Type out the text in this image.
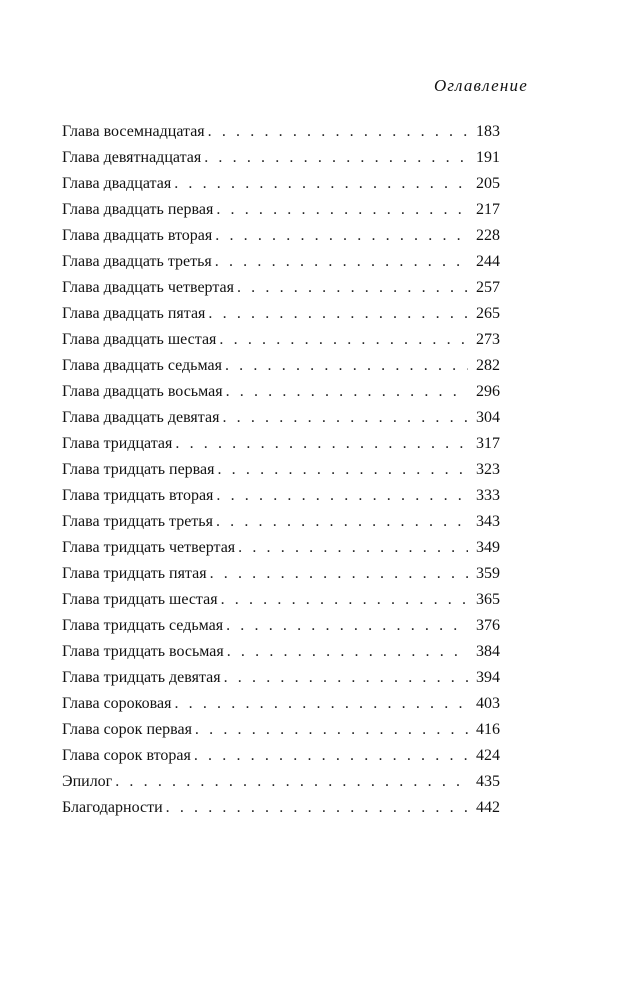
Оглавление
Глава восемнадцатая . . .	183
Глава девятнадцатая . . .	191
Глава двадцатая . . .	205
Глава двадцать первая . . .	217
Глава двадцать вторая . . .	228
Глава двадцать третья . . .	244
Глава двадцать четвертая . . .	257
Глава двадцать пятая . . .	265
Глава двадцать шестая . . .	273
Глава двадцать седьмая . . .	282
Глава двадцать восьмая . . .	296
Глава двадцать девятая . . .	304
Глава тридцатая . . .	317
Глава тридцать первая . . .	323
Глава тридцать вторая . . .	333
Глава тридцать третья . . .	343
Глава тридцать четвертая . . .	349
Глава тридцать пятая . . .	359
Глава тридцать шестая . . .	365
Глава тридцать седьмая . . .	376
Глава тридцать восьмая . . .	384
Глава тридцать девятая . . .	394
Глава сороковая . . .	403
Глава сорок первая . . .	416
Глава сорок вторая . . .	424
Эпилог . . .	435
Благодарности . . .	442
